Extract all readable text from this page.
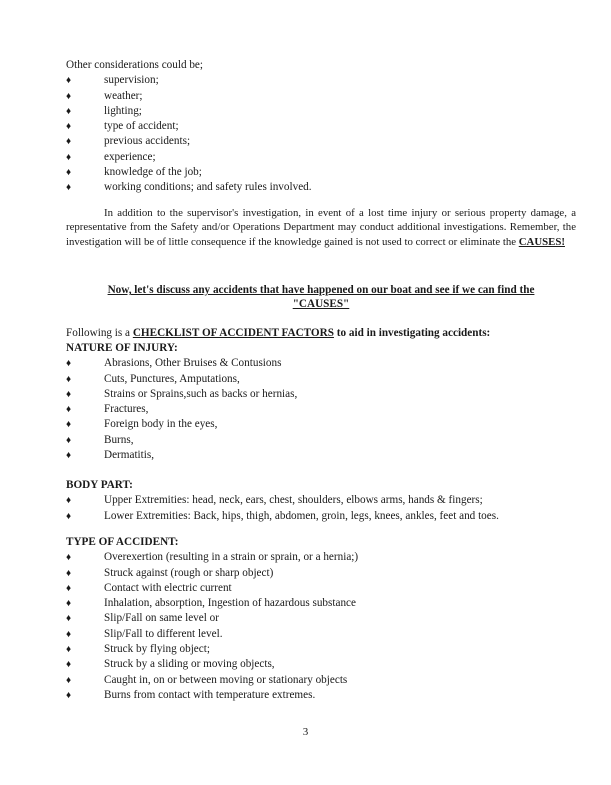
Other considerations could be;
♦	supervision;
♦	weather;
♦	lighting;
♦	type of accident;
♦	previous accidents;
♦	experience;
♦	knowledge of the job;
♦	working conditions; and safety rules involved.

In addition to the supervisor's investigation, in event of a lost time injury or serious property damage, a representative from the Safety and/or Operations Department may conduct additional investigations. Remember, the investigation will be of little consequence if the knowledge gained is not used to correct or eliminate the CAUSES!

Now, let's discuss any accidents that have happened on our boat and see if we can find the
"CAUSES"
Following is a CHECKLIST OF ACCIDENT FACTORS to aid in investigating accidents:
NATURE OF INJURY:
♦	Abrasions, Other Bruises & Contusions
♦	Cuts, Punctures, Amputations,
♦	Strains or Sprains,such as backs or hernias,
♦	Fractures,
♦	Foreign body in the eyes,
♦	Burns,
♦	Dermatitis,
BODY PART:
♦	Upper Extremities: head, neck, ears, chest, shoulders, elbows arms, hands & fingers;
♦	Lower Extremities: Back, hips, thigh, abdomen, groin, legs, knees, ankles, feet and toes.
TYPE OF ACCIDENT:
♦	Overexertion (resulting in a strain or sprain, or a hernia;)
♦	Struck against (rough or sharp object)
♦	Contact with electric current
♦	Inhalation, absorption, Ingestion of hazardous substance
♦	Slip/Fall on same level or
♦	Slip/Fall to different level.
♦	Struck by flying object;
♦	Struck by a sliding or moving objects,
♦	Caught in, on or between moving or stationary objects
♦	Burns from contact with temperature extremes.
3
